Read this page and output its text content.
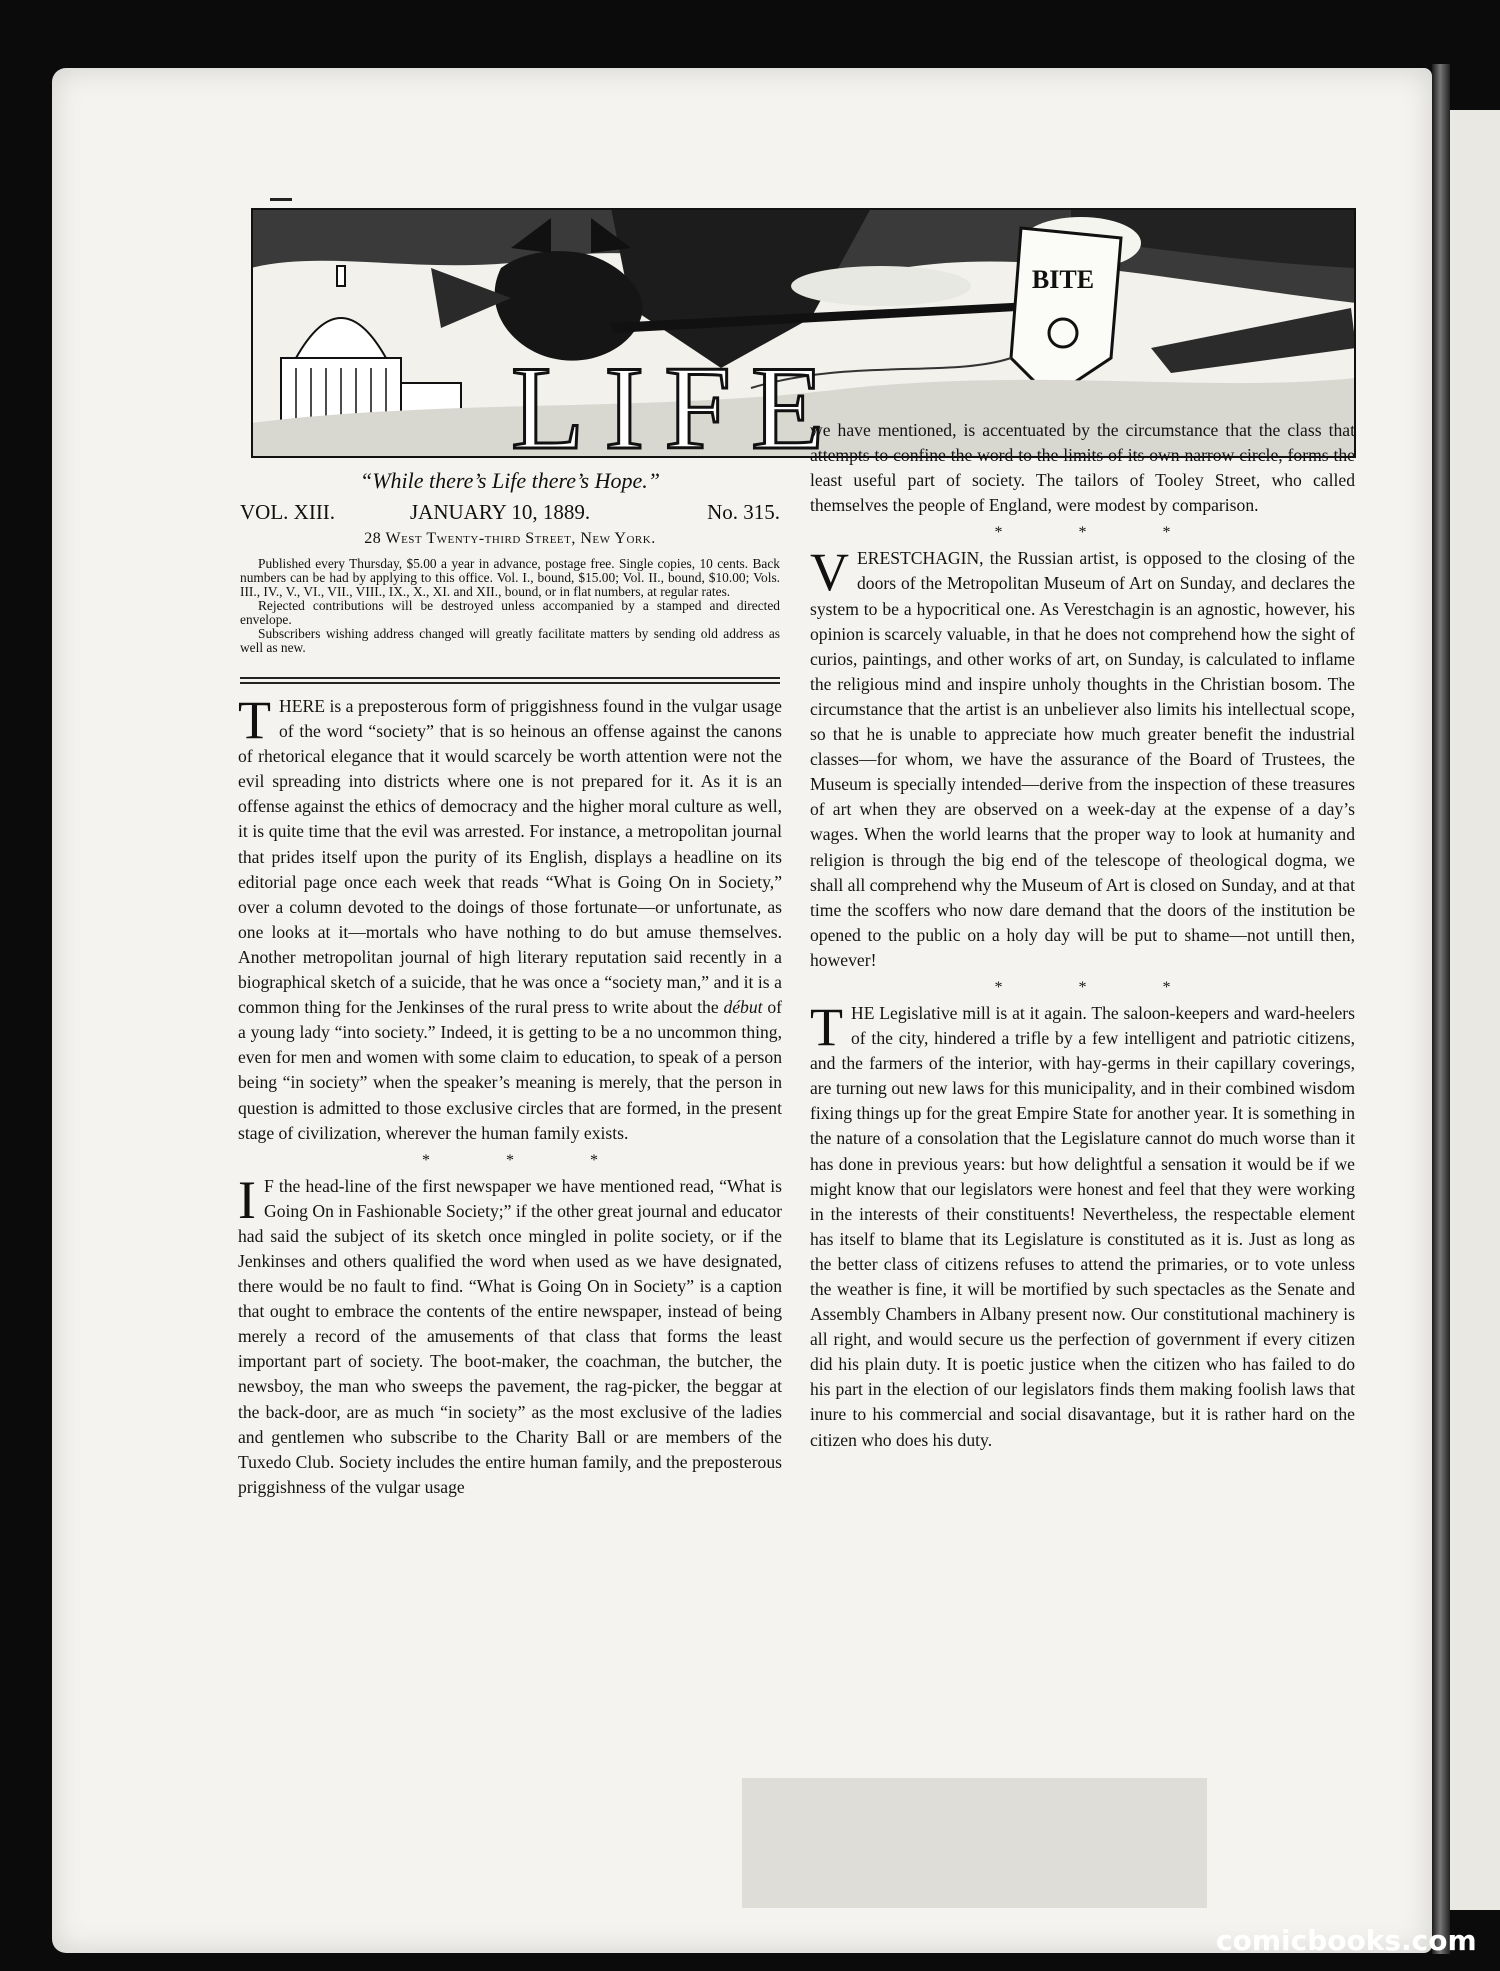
BITE
LIFE
“While there’s Life there’s Hope.”
VOL. XIII.	JANUARY 10, 1889.	No. 315.
28 West Twenty-third Street, New York.

Published every Thursday, $5.00 a year in advance, postage free. Single copies, 10 cents. Back numbers can be had by applying to this office. Vol. I., bound, $15.00; Vol. II., bound, $10.00; Vols. III., IV., V., VI., VII., VIII., IX., X., XI. and XII., bound, or in flat numbers, at regular rates.

Rejected contributions will be destroyed unless accompanied by a stamped and directed envelope.

Subscribers wishing address changed will greatly facilitate matters by sending old address as well as new.

THERE is a preposterous form of priggishness found in the vulgar usage of the word “society” that is so heinous an offense against the canons of rhetorical elegance that it would scarcely be worth attention were not the evil spreading into districts where one is not prepared for it. As it is an offense against the ethics of democracy and the higher moral culture as well, it is quite time that the evil was arrested. For instance, a metropolitan journal that prides itself upon the purity of its English, displays a headline on its editorial page once each week that reads “What is Going On in Society,” over a column devoted to the doings of those fortunate—or unfortunate, as one looks at it—mortals who have nothing to do but amuse themselves. Another metropolitan journal of high literary reputation said recently in a biographical sketch of a suicide, that he was once a “society man,” and it is a common thing for the Jenkinses of the rural press to write about the début of a young lady “into society.” Indeed, it is getting to be a no uncommon thing, even for men and women with some claim to education, to speak of a person being “in society” when the speaker’s meaning is merely, that the person in question is admitted to those exclusive circles that are formed, in the present stage of civilization, wherever the human family exists.

* * *

I F the head-line of the first newspaper we have mentioned read, “What is Going On in Fashionable Society;” if the other great journal and educator had said the subject of its sketch once mingled in polite society, or if the Jenkinses and others qualified the word when used as we have designated, there would be no fault to find. “What is Going On in Society” is a caption that ought to embrace the contents of the entire newspaper, instead of being merely a record of the amusements of that class that forms the least important part of society. The boot-maker, the coachman, the butcher, the newsboy, the man who sweeps the pavement, the rag-picker, the beggar at the back-door, are as much “in society” as the most exclusive of the ladies and gentlemen who subscribe to the Charity Ball or are members of the Tuxedo Club. Society includes the entire human family, and the preposterous priggishness of the vulgar usage

we have mentioned, is accentuated by the circumstance that the class that attempts to confine the word to the limits of its own narrow circle, forms the least useful part of society. The tailors of Tooley Street, who called themselves the people of England, were modest by comparison.

* * *

VERESTCHAGIN, the Russian artist, is opposed to the closing of the doors of the Metropolitan Museum of Art on Sunday, and declares the system to be a hypocritical one. As Verestchagin is an agnostic, however, his opinion is scarcely valuable, in that he does not comprehend how the sight of curios, paintings, and other works of art, on Sunday, is calculated to inflame the religious mind and inspire unholy thoughts in the Christian bosom. The circumstance that the artist is an unbeliever also limits his intellectual scope, so that he is unable to appreciate how much greater benefit the industrial classes—for whom, we have the assurance of the Board of Trustees, the Museum is specially intended—derive from the inspection of these treasures of art when they are observed on a week-day at the expense of a day’s wages. When the world learns that the proper way to look at humanity and religion is through the big end of the telescope of theological dogma, we shall all comprehend why the Museum of Art is closed on Sunday, and at that time the scoffers who now dare demand that the doors of the institution be opened to the public on a holy day will be put to shame—not untill then, however!

* * *

THE Legislative mill is at it again. The saloon-keepers and ward-heelers of the city, hindered a trifle by a few intelligent and patriotic citizens, and the farmers of the interior, with hay-germs in their capillary coverings, are turning out new laws for this municipality, and in their combined wisdom fixing things up for the great Empire State for another year. It is something in the nature of a consolation that the Legislature cannot do much worse than it has done in previous years: but how delightful a sensation it would be if we might know that our legislators were honest and feel that they were working in the interests of their constituents! Nevertheless, the respectable element has itself to blame that its Legislature is constituted as it is. Just as long as the better class of citizens refuses to attend the primaries, or to vote unless the weather is fine, it will be mortified by such spectacles as the Senate and Assembly Chambers in Albany present now. Our constitutional machinery is all right, and would secure us the perfection of government if every citizen did his plain duty. It is poetic justice when the citizen who has failed to do his part in the election of our legislators finds them making foolish laws that inure to his commercial and social disavantage, but it is rather hard on the citizen who does his duty.

comicbooks.com
